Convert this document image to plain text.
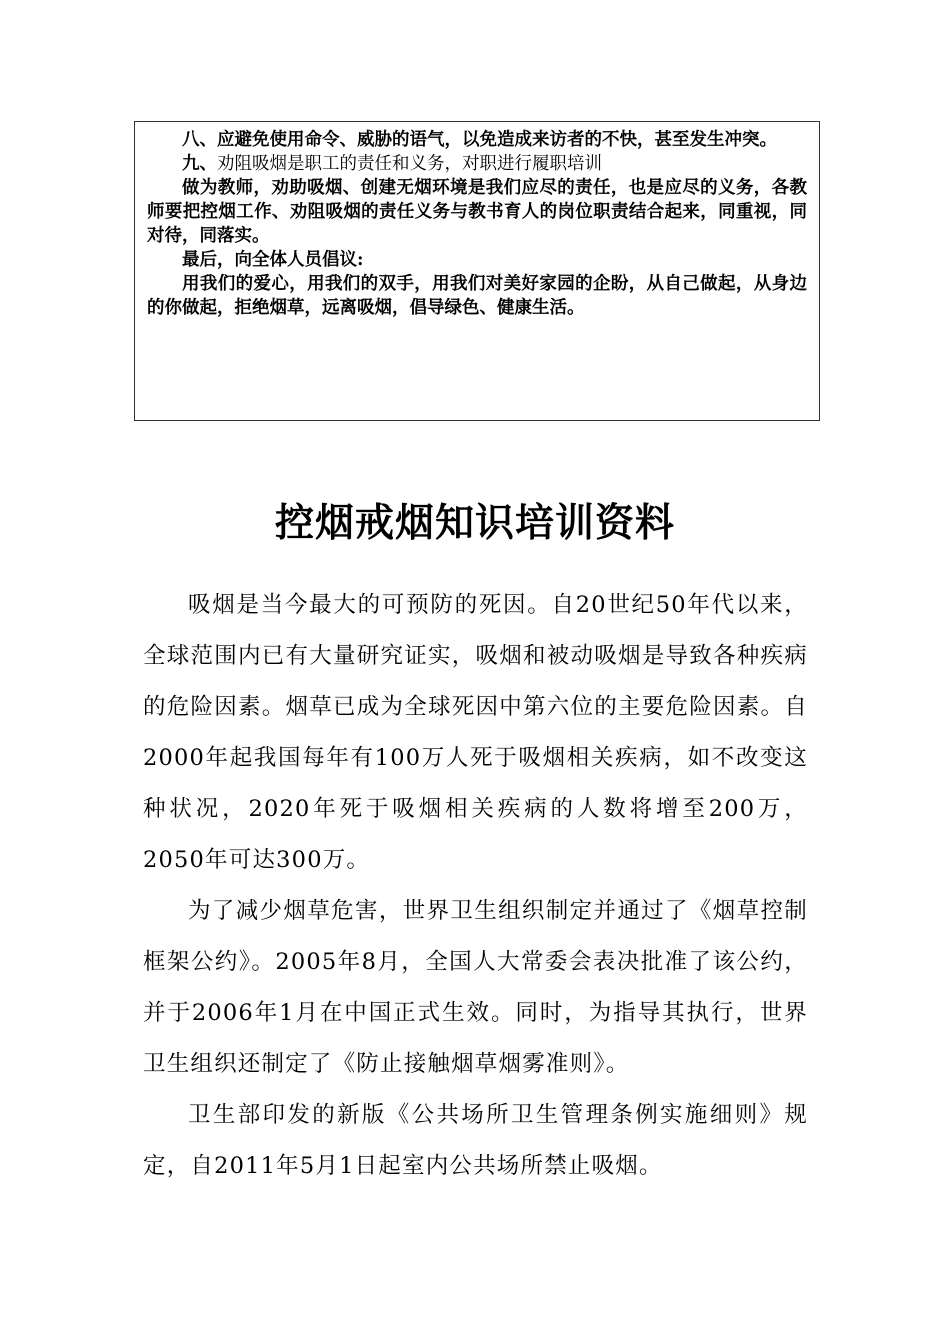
八、应避免使用命令、威胁的语气，以免造成来访者的不快，甚至发生冲突。

九、劝阻吸烟是职工的责任和义务，对职进行履职培训

做为教师，劝助吸烟、创建无烟环境是我们应尽的责任，也是应尽的义务，各教师要把控烟工作、劝阻吸烟的责任义务与教书育人的岗位职责结合起来，同重视，同对待，同落实。

最后，向全体人员倡议:

用我们的爱心，用我们的双手，用我们对美好家园的企盼，从自己做起，从身边的你做起，拒绝烟草，远离吸烟，倡导绿色、健康生活。

控烟戒烟知识培训资料

吸烟是当今最大的可预防的死因。自20世纪50年代以来，全球范围内已有大量研究证实，吸烟和被动吸烟是导致各种疾病的危险因素。烟草已成为全球死因中第六位的主要危险因素。自2000年起我国每年有100万人死于吸烟相关疾病，如不改变这种状况，2020年死于吸烟相关疾病的人数将增至200万，2050年可达300万。

为了减少烟草危害，世界卫生组织制定并通过了《烟草控制框架公约》。2005年8月，全国人大常委会表决批准了该公约，并于2006年1月在中国正式生效。同时，为指导其执行，世界卫生组织还制定了《防止接触烟草烟雾准则》。

卫生部印发的新版《公共场所卫生管理条例实施细则》规定，自2011年5月1日起室内公共场所禁止吸烟。
